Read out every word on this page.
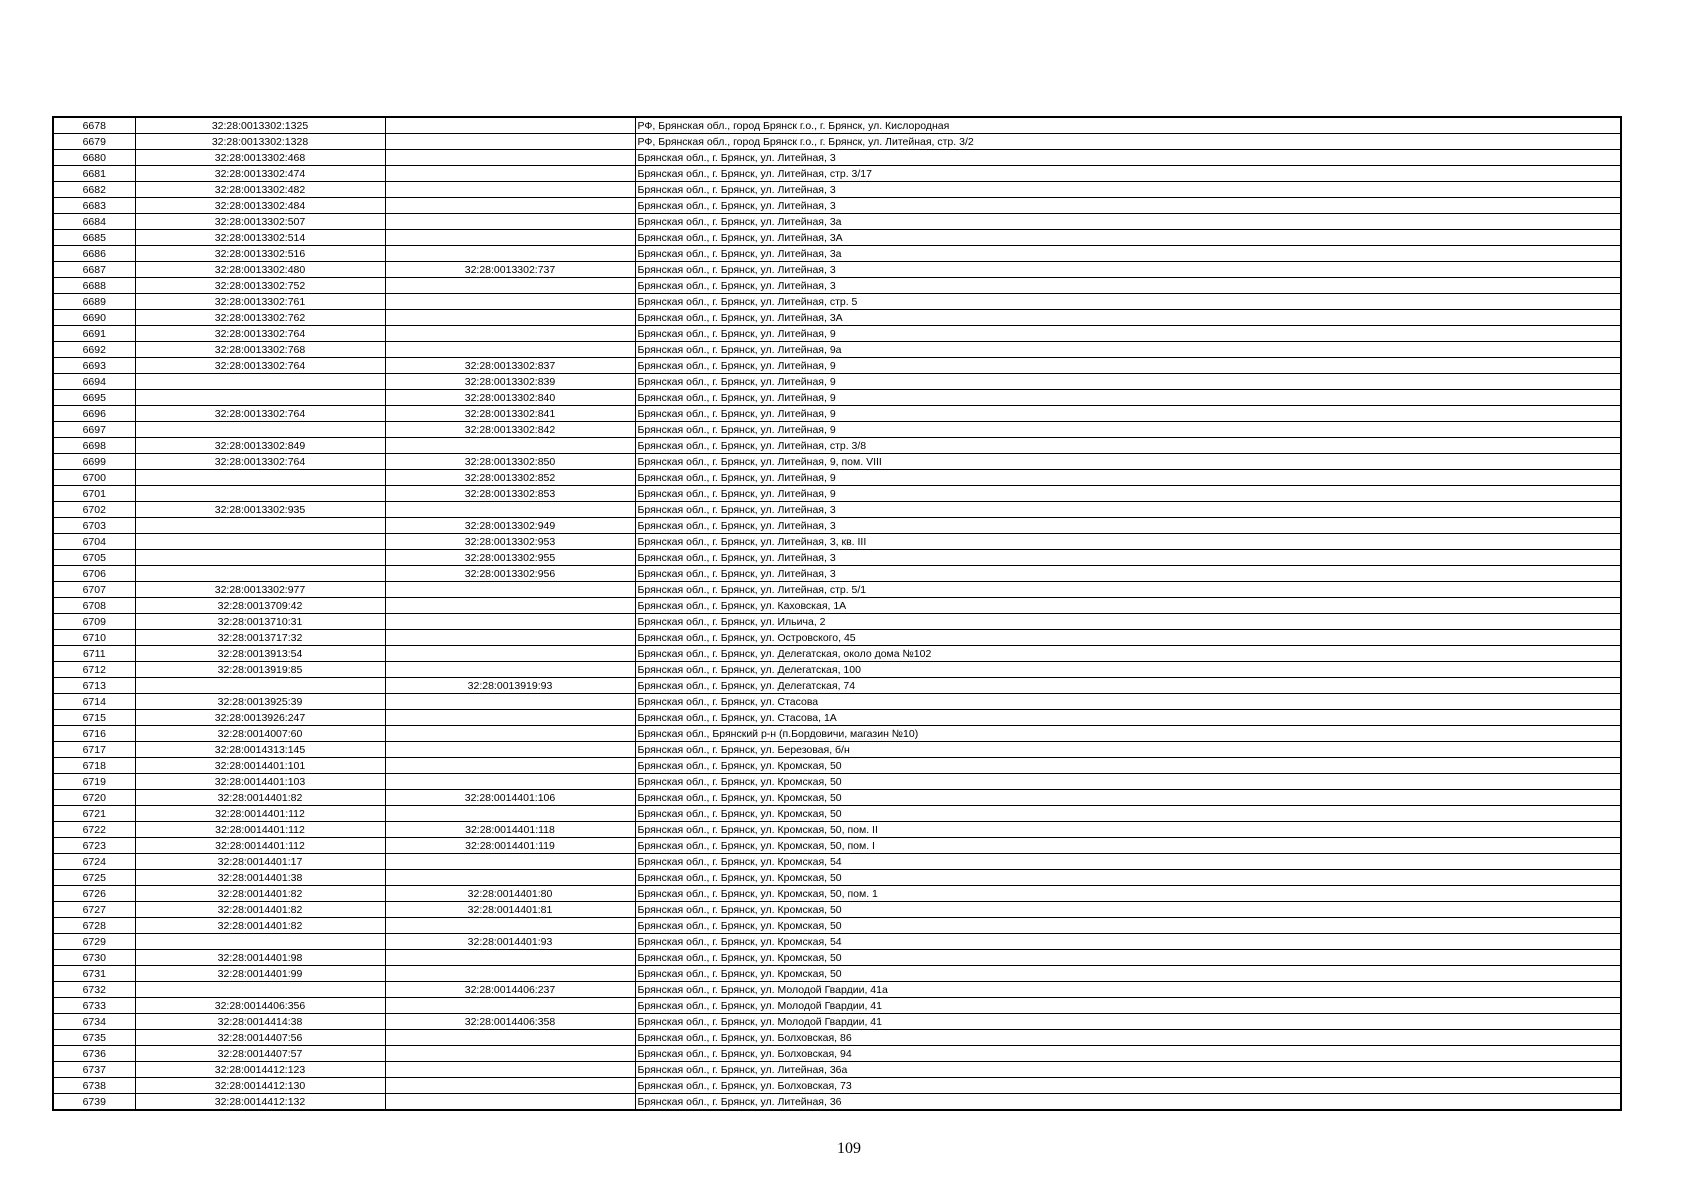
6678	32:28:0013302:1325		РФ, Брянская обл., город Брянск г.о., г. Брянск, ул. Кислородная
6679	32:28:0013302:1328		РФ, Брянская обл., город Брянск г.о., г. Брянск, ул. Литейная, стр. 3/2
6680	32:28:0013302:468		Брянская обл., г. Брянск, ул. Литейная, 3
6681	32:28:0013302:474		Брянская обл., г. Брянск, ул. Литейная, стр. 3/17
6682	32:28:0013302:482		Брянская обл., г. Брянск, ул. Литейная, 3
6683	32:28:0013302:484		Брянская обл., г. Брянск, ул. Литейная, 3
6684	32:28:0013302:507		Брянская обл., г. Брянск, ул. Литейная, 3а
6685	32:28:0013302:514		Брянская обл., г. Брянск, ул. Литейная, 3А
6686	32:28:0013302:516		Брянская обл., г. Брянск, ул. Литейная, 3а
6687	32:28:0013302:480	32:28:0013302:737	Брянская обл., г. Брянск, ул. Литейная, 3
6688	32:28:0013302:752		Брянская обл., г. Брянск, ул. Литейная, 3
6689	32:28:0013302:761		Брянская обл., г. Брянск, ул. Литейная, стр. 5
6690	32:28:0013302:762		Брянская обл., г. Брянск, ул. Литейная, 3А
6691	32:28:0013302:764		Брянская обл., г. Брянск, ул. Литейная, 9
6692	32:28:0013302:768		Брянская обл., г. Брянск, ул. Литейная, 9а
6693	32:28:0013302:764	32:28:0013302:837	Брянская обл., г. Брянск, ул. Литейная, 9
6694		32:28:0013302:839	Брянская обл., г. Брянск, ул. Литейная, 9
6695		32:28:0013302:840	Брянская обл., г. Брянск, ул. Литейная, 9
6696	32:28:0013302:764	32:28:0013302:841	Брянская обл., г. Брянск, ул. Литейная, 9
6697		32:28:0013302:842	Брянская обл., г. Брянск, ул. Литейная, 9
6698	32:28:0013302:849		Брянская обл., г. Брянск, ул. Литейная, стр. 3/8
6699	32:28:0013302:764	32:28:0013302:850	Брянская обл., г. Брянск, ул. Литейная, 9, пом. VIII
6700		32:28:0013302:852	Брянская обл., г. Брянск, ул. Литейная, 9
6701		32:28:0013302:853	Брянская обл., г. Брянск, ул. Литейная, 9
6702	32:28:0013302:935		Брянская обл., г. Брянск, ул. Литейная, 3
6703		32:28:0013302:949	Брянская обл., г. Брянск, ул. Литейная, 3
6704		32:28:0013302:953	Брянская обл., г. Брянск, ул. Литейная, 3, кв. III
6705		32:28:0013302:955	Брянская обл., г. Брянск, ул. Литейная, 3
6706		32:28:0013302:956	Брянская обл., г. Брянск, ул. Литейная, 3
6707	32:28:0013302:977		Брянская обл., г. Брянск, ул. Литейная, стр. 5/1
6708	32:28:0013709:42		Брянская обл., г. Брянск, ул. Каховская, 1А
6709	32:28:0013710:31		Брянская обл., г. Брянск, ул. Ильича, 2
6710	32:28:0013717:32		Брянская обл., г. Брянск, ул. Островского, 45
6711	32:28:0013913:54		Брянская обл., г. Брянск, ул. Делегатская, около дома №102
6712	32:28:0013919:85		Брянская обл., г. Брянск, ул. Делегатская, 100
6713		32:28:0013919:93	Брянская обл., г. Брянск, ул. Делегатская, 74
6714	32:28:0013925:39		Брянская обл., г. Брянск, ул. Стасова
6715	32:28:0013926:247		Брянская обл., г. Брянск, ул. Стасова, 1А
6716	32:28:0014007:60		Брянская обл., Брянский р-н (п.Бордовичи, магазин №10)
6717	32:28:0014313:145		Брянская обл., г. Брянск, ул. Березовая, б/н
6718	32:28:0014401:101		Брянская обл., г. Брянск, ул. Кромская, 50
6719	32:28:0014401:103		Брянская обл., г. Брянск, ул. Кромская, 50
6720	32:28:0014401:82	32:28:0014401:106	Брянская обл., г. Брянск, ул. Кромская, 50
6721	32:28:0014401:112		Брянская обл., г. Брянск, ул. Кромская, 50
6722	32:28:0014401:112	32:28:0014401:118	Брянская обл., г. Брянск, ул. Кромская, 50, пом. II
6723	32:28:0014401:112	32:28:0014401:119	Брянская обл., г. Брянск, ул. Кромская, 50, пом. I
6724	32:28:0014401:17		Брянская обл., г. Брянск, ул. Кромская, 54
6725	32:28:0014401:38		Брянская обл., г. Брянск, ул. Кромская, 50
6726	32:28:0014401:82	32:28:0014401:80	Брянская обл., г. Брянск, ул. Кромская, 50, пом. 1
6727	32:28:0014401:82	32:28:0014401:81	Брянская обл., г. Брянск, ул. Кромская, 50
6728	32:28:0014401:82		Брянская обл., г. Брянск, ул. Кромская, 50
6729		32:28:0014401:93	Брянская обл., г. Брянск, ул. Кромская, 54
6730	32:28:0014401:98		Брянская обл., г. Брянск, ул. Кромская, 50
6731	32:28:0014401:99		Брянская обл., г. Брянск, ул. Кромская, 50
6732		32:28:0014406:237	Брянская обл., г. Брянск, ул. Молодой Гвардии, 41а
6733	32:28:0014406:356		Брянская обл., г. Брянск, ул. Молодой Гвардии, 41
6734	32:28:0014414:38	32:28:0014406:358	Брянская обл., г. Брянск, ул. Молодой Гвардии, 41
6735	32:28:0014407:56		Брянская обл., г. Брянск, ул. Болховская, 86
6736	32:28:0014407:57		Брянская обл., г. Брянск, ул. Болховская, 94
6737	32:28:0014412:123		Брянская обл., г. Брянск, ул. Литейная, 36а
6738	32:28:0014412:130		Брянская обл., г. Брянск, ул. Болховская, 73
6739	32:28:0014412:132		Брянская обл., г. Брянск, ул. Литейная, 36
109
